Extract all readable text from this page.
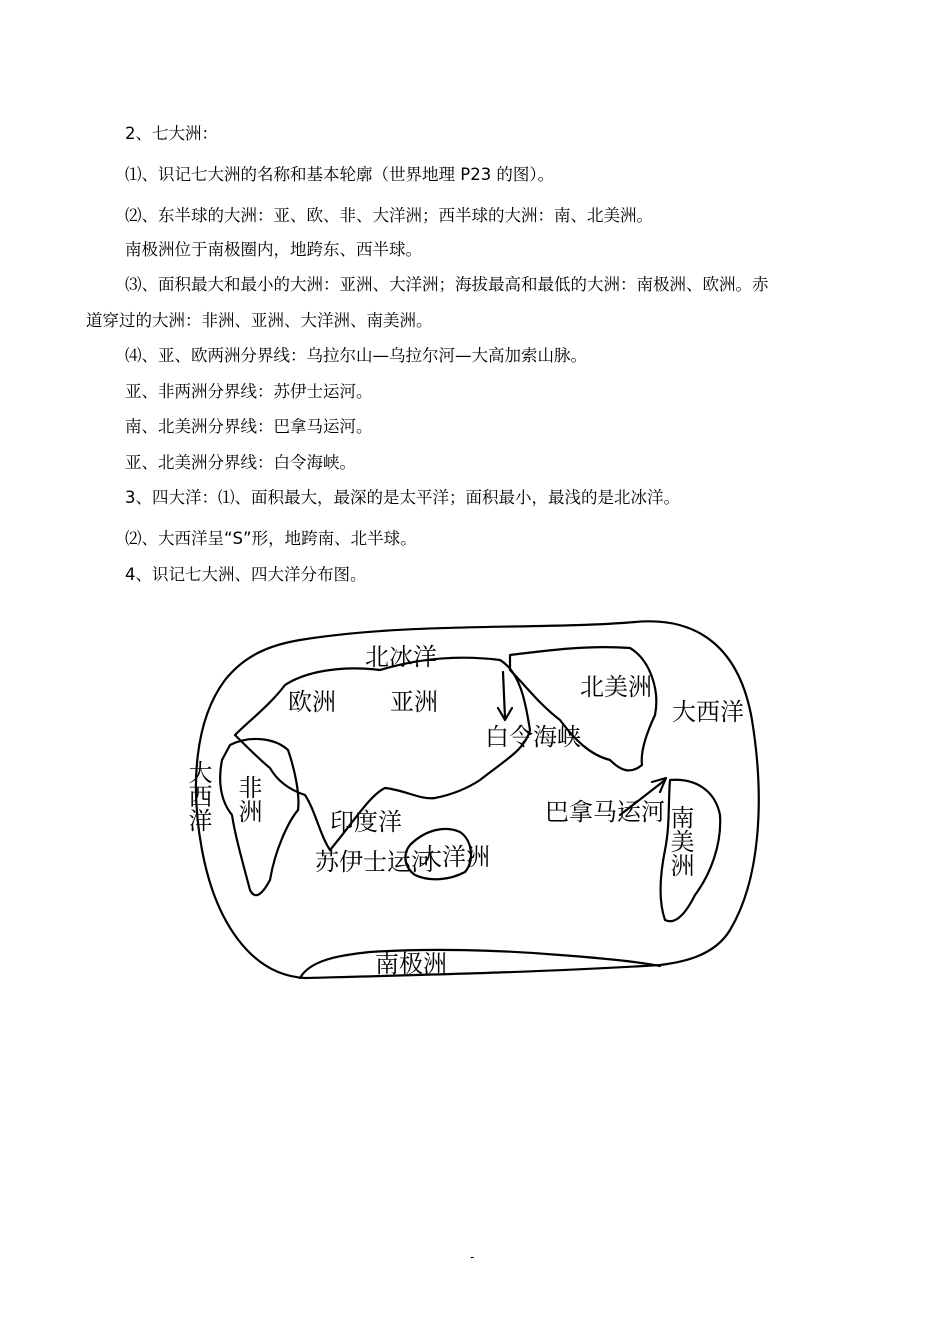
2、七大洲：
⑴、识记七大洲的名称和基本轮廓（世界地理 P23 的图）。
⑵、东半球的大洲：亚、欧、非、大洋洲；西半球的大洲：南、北美洲。
南极洲位于南极圈内，地跨东、西半球。
⑶、面积最大和最小的大洲：亚洲、大洋洲；海拔最高和最低的大洲：南极洲、欧洲。赤
道穿过的大洲：非洲、亚洲、大洋洲、南美洲。
⑷、亚、欧两洲分界线：乌拉尔山—乌拉尔河—大高加索山脉。
亚、非两洲分界线：苏伊士运河。
南、北美洲分界线：巴拿马运河。
亚、北美洲分界线：白令海峡。
3、四大洋：⑴、面积最大，最深的是太平洋；面积最小，最浅的是北冰洋。
⑵、大西洋呈“S”形，地跨南、北半球。
4、识记七大洲、四大洋分布图。
北冰洋
欧洲 亚洲
白令海峡
北美洲
大西洋
大西洋 非洲	印度洋
苏伊士运河
大洋洲
巴拿马运河 南美洲
南极洲
-
